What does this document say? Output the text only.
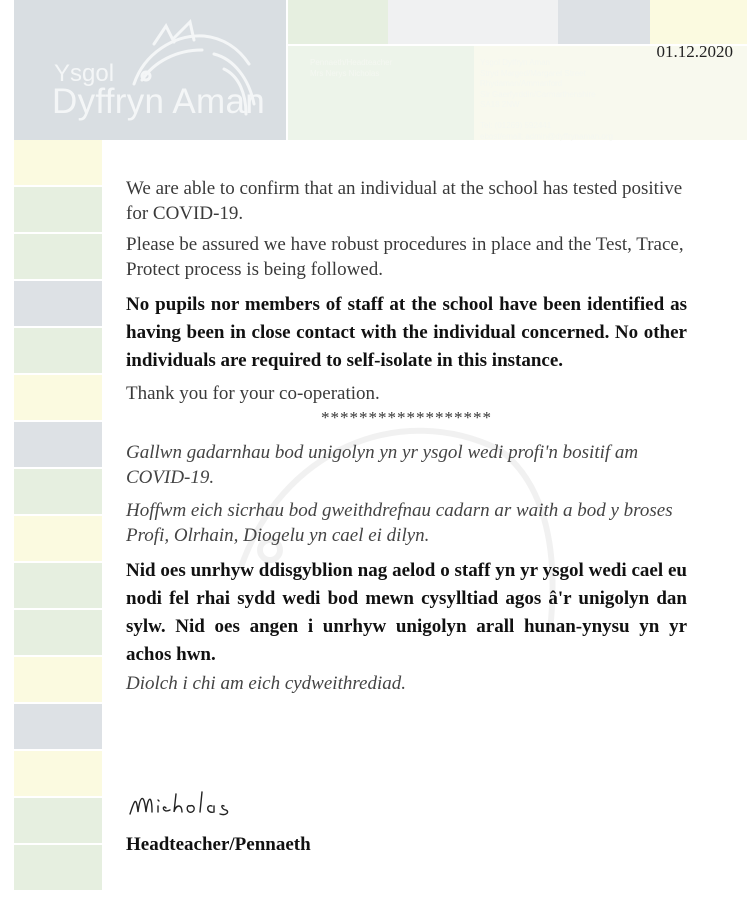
Ysgol
Dyffryn Aman
Pennaeth/Headteacher
Mrs Nerys Nicholas
Ysgol Dyffryn Aman
Stryd Marged/Margaret Street
Rhydaman/Ammanford
Sir Gaerfyrddin/Carmarthenshire
SA18 2NW

Tel: (01269) 592441
ebost/email: admin@dyffrynaman.org
01.12.2020

We are able to confirm that an individual at the school has tested positive for COVID-19.

Please be assured we have robust procedures in place and the Test, Trace, Protect process is being followed.

No pupils nor members of staff at the school have been identified as having been in close contact with the individual concerned. No other individuals are required to self-isolate in this instance.

Thank you for your co-operation.

******************

Gallwn gadarnhau bod unigolyn yn yr ysgol wedi profi'n bositif am COVID-19.

Hoffwm eich sicrhau bod gweithdrefnau cadarn ar waith a bod y broses Profi, Olrhain, Diogelu yn cael ei dilyn.

Nid oes unrhyw ddisgyblion nag aelod o staff yn yr ysgol wedi cael eu nodi fel rhai sydd wedi bod mewn cysylltiad agos â'r unigolyn dan sylw. Nid oes angen i unrhyw unigolyn arall hunan-ynysu yn yr achos hwn.

Diolch i chi am eich cydweithrediad.

Headteacher/Pennaeth
